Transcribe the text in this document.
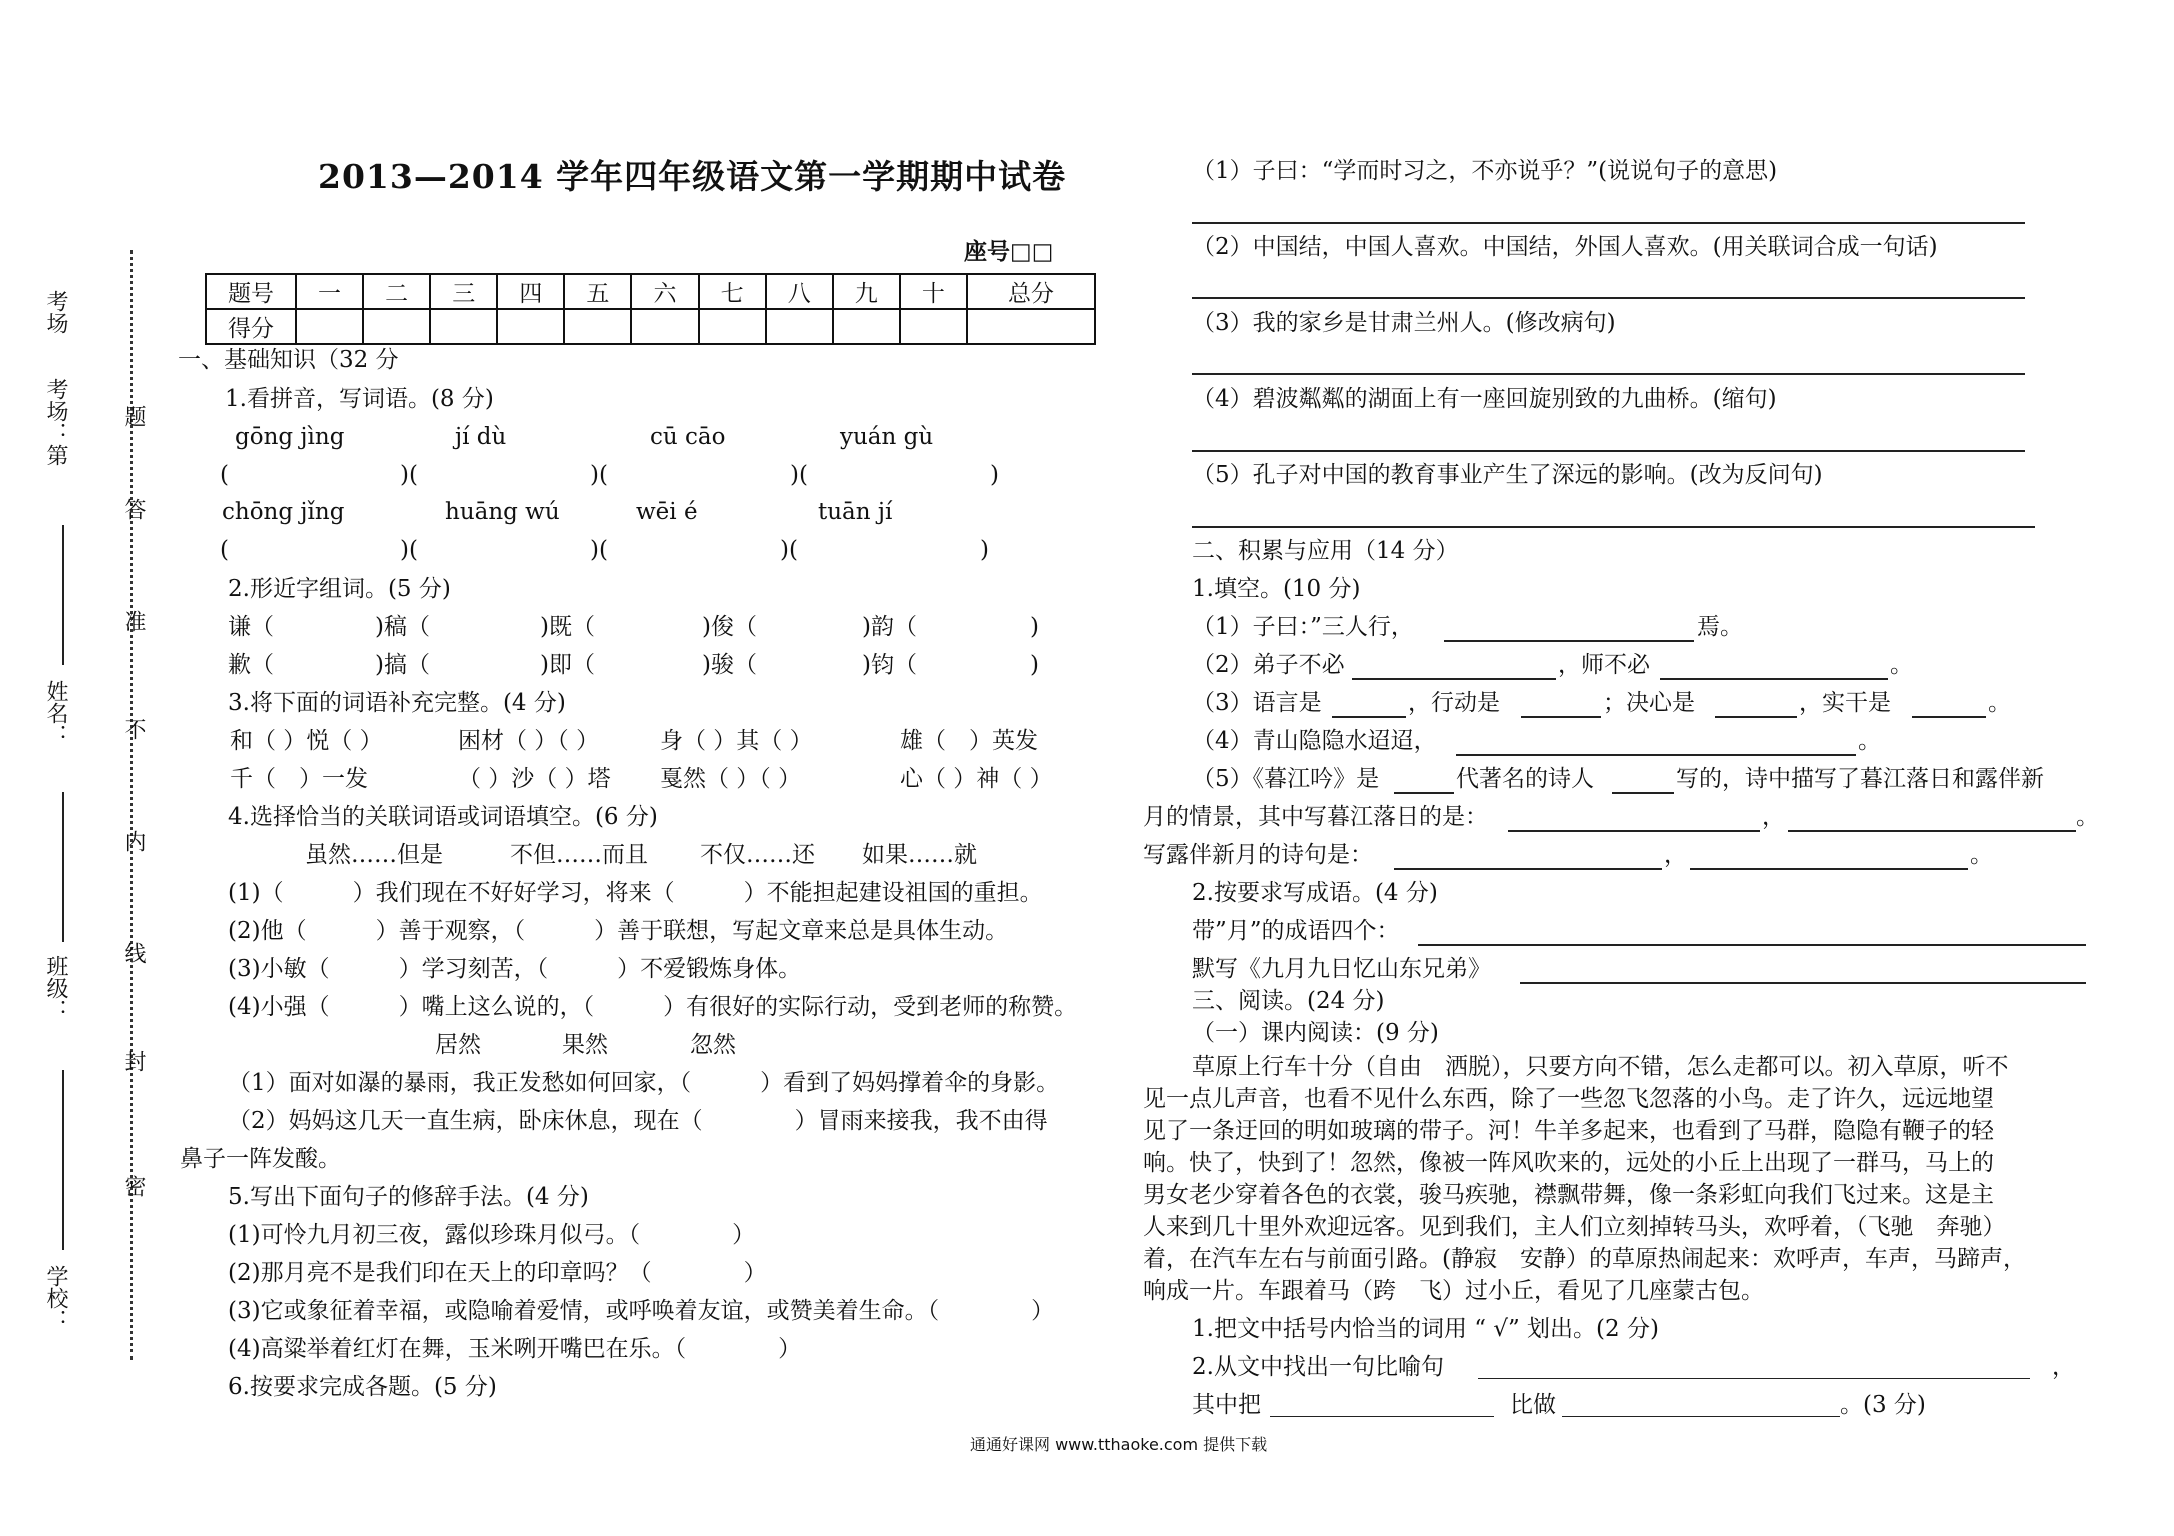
考场
考场：第
姓名：
班级：
学校：
题
答
准
不
内
线
封
密
2013—2014 学年四年级语文第一学期期中试卷
座号□□
题号	一	二	三	四	五	六	七	八	九	十	总分
得分											
一、基础知识（32 分
1.看拼音，写词语。(8 分)
gōng jìng	jí dù	cū cāo	yuán gù
(	)(	)(	)(	)
chōng jǐng	huāng wú	wēi é	tuān jí
(	)(	)(	)(	)
2.形近字组词。(5 分)
谦（	)稿（	)既（	)俊（	)韵（	)
歉（	)搞（	)即（	)骏（	)钧（	)
3.将下面的词语补充完整。(4 分)
和（ ）悦（ ）	困材（ ）（ ）	身（ ）其（ ）	雄（　）英发
千（　）一发	（ ）沙（ ）塔 戛然（ ）（ ）	心（ ）神（ ）
4.选择恰当的关联词语或词语填空。(6 分)
虽然……但是	不但……而且 不仅……还 如果……就
(1)（　　　）我们现在不好好学习，将来（　　　）不能担起建设祖国的重担。
(2)他（　　　）善于观察，（　　　）善于联想，写起文章来总是具体生动。
(3)小敏（　　　）学习刻苦，（　　　）不爱锻炼身体。
(4)小强（　　　）嘴上这么说的，（　　　）有很好的实际行动，受到老师的称赞。
居然	果然	忽然
（1）面对如瀑的暴雨，我正发愁如何回家，（　　　）看到了妈妈撑着伞的身影。
（2）妈妈这几天一直生病，卧床休息，现在（　　　　）冒雨来接我，我不由得
鼻子一阵发酸。
5.写出下面句子的修辞手法。(4 分)
(1)可怜九月初三夜，露似珍珠月似弓。（　　　　）
(2)那月亮不是我们印在天上的印章吗？（　　　　）
(3)它或象征着幸福，或隐喻着爱情，或呼唤着友谊，或赞美着生命。（　　　　）
(4)高粱举着红灯在舞，玉米咧开嘴巴在乐。（　　　　）
6.按要求完成各题。(5 分)
（1）子曰：“学而时习之，不亦说乎？”(说说句子的意思)
（2）中国结，中国人喜欢。中国结，外国人喜欢。(用关联词合成一句话)
（3）我的家乡是甘肃兰州人。(修改病句)
（4）碧波粼粼的湖面上有一座回旋别致的九曲桥。(缩句)
（5）孔子对中国的教育事业产生了深远的影响。(改为反问句)
二、积累与应用（14 分）
1.填空。(10 分)
（1）子曰：”三人行，	焉。
（2）弟子不必	，师不必	。
（3）语言是	，行动是	；决心是	，实干是	。
（4）青山隐隐水迢迢，	。
（5）《暮江吟》是	代著名的诗人	写的，诗中描写了暮江落日和露伴新
月的情景，其中写暮江落日的是：	，	。
写露伴新月的诗句是：	，	。
2.按要求写成语。(4 分)
带”月”的成语四个：
默写《九月九日忆山东兄弟》
三、阅读。(24 分)
（一）课内阅读：(9 分)
草原上行车十分（自由　洒脱），只要方向不错，怎么走都可以。初入草原，听不
见一点儿声音，也看不见什么东西，除了一些忽飞忽落的小鸟。走了许久，远远地望
见了一条迂回的明如玻璃的带子。河！牛羊多起来，也看到了马群，隐隐有鞭子的轻
响。快了，快到了！忽然，像被一阵风吹来的，远处的小丘上出现了一群马，马上的
男女老少穿着各色的衣裳，骏马疾驰，襟飘带舞，像一条彩虹向我们飞过来。这是主
人来到几十里外欢迎远客。见到我们，主人们立刻掉转马头，欢呼着，（飞驰　奔驰）
着，在汽车左右与前面引路。(静寂　安静）的草原热闹起来：欢呼声，车声，马蹄声，
响成一片。车跟着马（跨　飞）过小丘，看见了几座蒙古包。
1.把文中括号内恰当的词用 “ √” 划出。(2 分)
2.从文中找出一句比喻句	，
其中把	比做	。(3 分)
通通好课网 www.tthaoke.com 提供下载
